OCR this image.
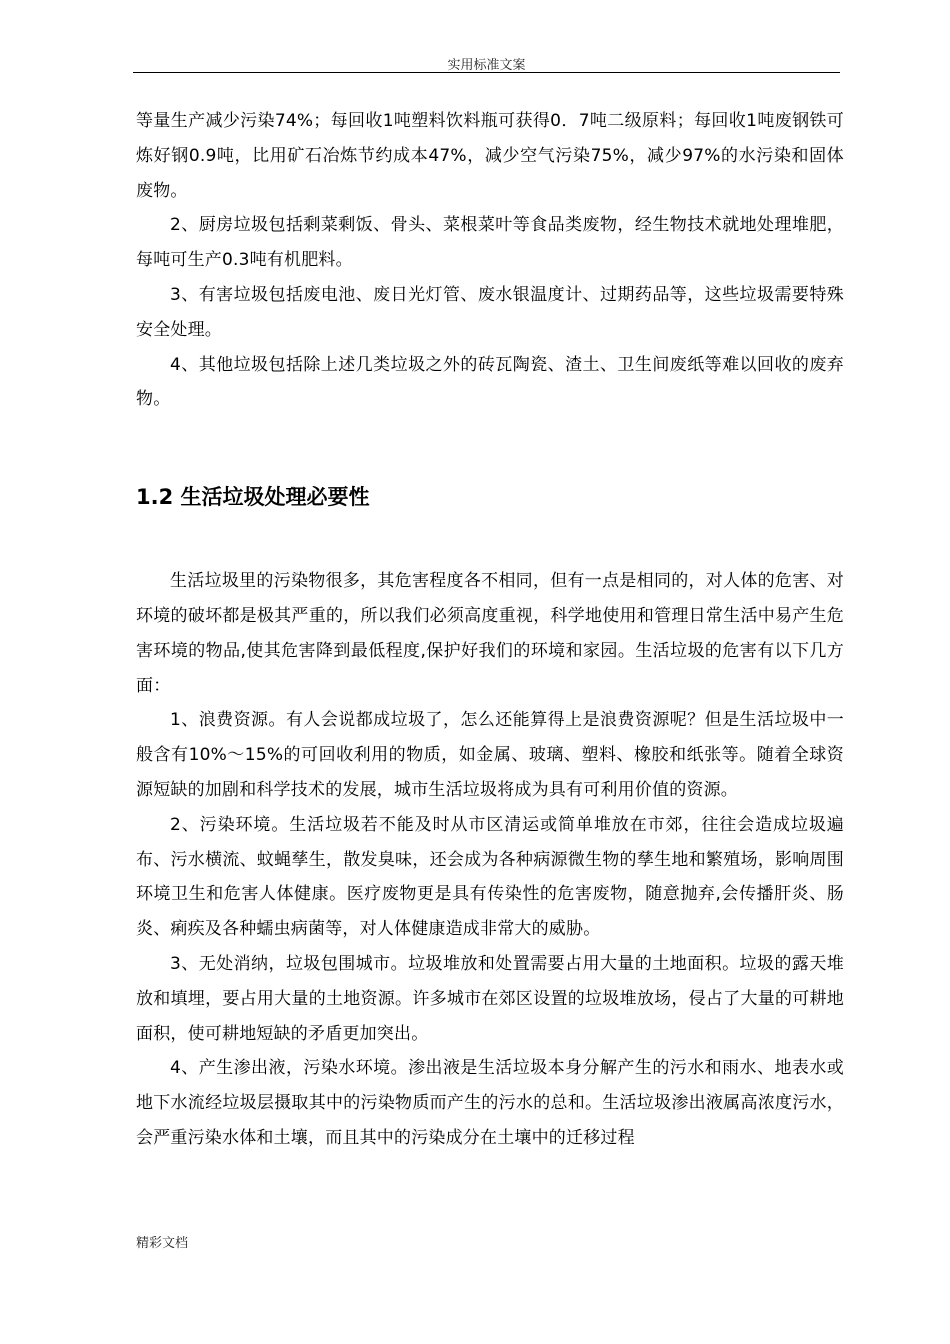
实用标准文案

等量生产减少污染74%；每回收1吨塑料饮料瓶可获得0．7吨二级原料；每回收1吨废钢铁可炼好钢0.9吨，比用矿石冶炼节约成本47%，减少空气污染75%，减少97%的水污染和固体废物。

2、厨房垃圾包括剩菜剩饭、骨头、菜根菜叶等食品类废物，经生物技术就地处理堆肥，每吨可生产0.3吨有机肥料。

3、有害垃圾包括废电池、废日光灯管、废水银温度计、过期药品等，这些垃圾需要特殊安全处理。

4、其他垃圾包括除上述几类垃圾之外的砖瓦陶瓷、渣土、卫生间废纸等难以回收的废弃物。

1.2 生活垃圾处理必要性

生活垃圾里的污染物很多，其危害程度各不相同，但有一点是相同的，对人体的危害、对环境的破坏都是极其严重的，所以我们必须高度重视，科学地使用和管理日常生活中易产生危害环境的物品,使其危害降到最低程度,保护好我们的环境和家园。生活垃圾的危害有以下几方面：

1、浪费资源。有人会说都成垃圾了，怎么还能算得上是浪费资源呢？但是生活垃圾中一般含有10%～15%的可回收利用的物质，如金属、玻璃、塑料、橡胶和纸张等。随着全球资源短缺的加剧和科学技术的发展，城市生活垃圾将成为具有可利用价值的资源。

2、污染环境。生活垃圾若不能及时从市区清运或简单堆放在市郊，往往会造成垃圾遍布、污水横流、蚊蝇孳生，散发臭味，还会成为各种病源微生物的孳生地和繁殖场，影响周围环境卫生和危害人体健康。医疗废物更是具有传染性的危害废物，随意抛弃,会传播肝炎、肠炎、痢疾及各种蠕虫病菌等，对人体健康造成非常大的威胁。

3、无处消纳，垃圾包围城市。垃圾堆放和处置需要占用大量的土地面积。垃圾的露天堆放和填埋，要占用大量的土地资源。许多城市在郊区设置的垃圾堆放场，侵占了大量的可耕地面积，使可耕地短缺的矛盾更加突出。

4、产生渗出液，污染水环境。渗出液是生活垃圾本身分解产生的污水和雨水、地表水或地下水流经垃圾层摄取其中的污染物质而产生的污水的总和。生活垃圾渗出液属高浓度污水，会严重污染水体和土壤，而且其中的污染成分在土壤中的迁移过程

精彩文档
